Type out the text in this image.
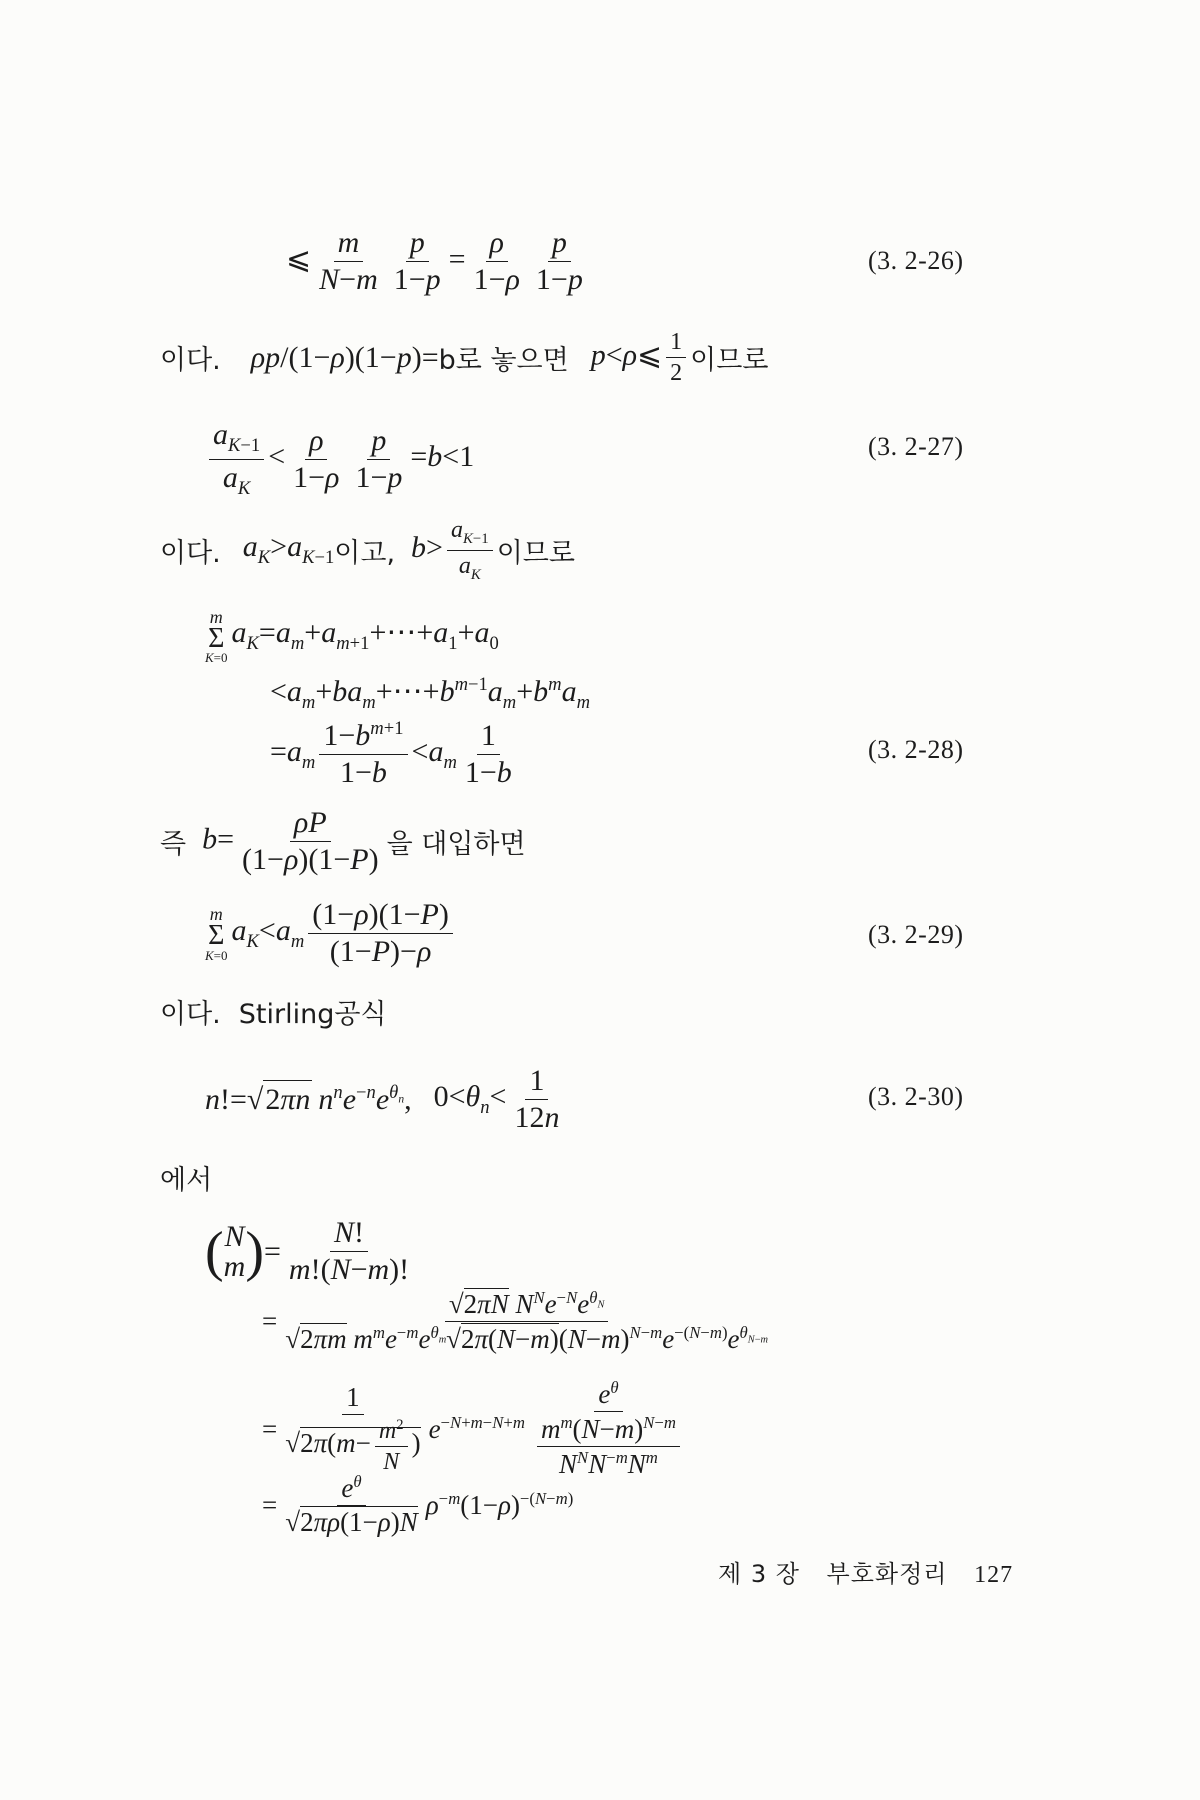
⩽ $\frac{m}{N-m} \frac{p}{1-p} = \frac{\rho}{1-\rho} \frac{p}{1-p}$	(3. 2-26)
이다. ρp/(1−ρ)(1−p)= b로 놓으면 p<ρ⩽ $\frac{1}{2}$ 이므로
$\frac{a_{K-1}}{a_K} < \frac{\rho}{1-\rho} \frac{p}{1-p} =b<1$	(3. 2-27)
이다. $a_K>a_{K-1}$ 이고, $b> \frac{a_{K-1}}{a_K}$ 이므로
m
Σ
K=0
$a_K=a_m+a_{m+1}+\cdots+a_1+a_0$
$<a_m+ba_m+\cdots+b^{m-1}a_m+b^ma_m$
$=a_m \frac{1-b^{m+1}}{1-b} <a_m \frac{1}{1-b}$	(3. 2-28)
즉 $b= \frac{\rho P}{(1-\rho)(1-P)}$ 을 대입하면
m
Σ
K=0
$a_K<a_m \frac{(1-\rho)(1-P)}{(1-P)-\rho}$	(3. 2-29)
이다. Stirling공식
n!= √2πn $n^ne^{-n}e^{\theta_n}$, $0<\theta_n< \frac{1}{12n}$	(3. 2-30)
에서
( N
m ) = $\frac{N!}{m!(N-m)!}$
= $\frac{√2\pi N N^Ne^{-N}e^{\theta_N}}{√2\pi m m^me^{-m}e^{\theta_m}√2\pi(N-m)(N-m)^{N-m}e^{-(N-m)}e^{\theta_{N-m}}}$
= $\frac{1}{√2\pi(m- \frac{m^2}{N} )} e^{-N+m-N+m} \frac{e^\theta}{\frac{m^m(N-m)^{N-m}}{N^NN^{-m}N^m}}$
= $\frac{e^\theta}{√2\pi\rho(1-\rho)N} \rho^{-m}(1-\rho)^{-(N-m)}$
제 3 장 부호화정리 127
